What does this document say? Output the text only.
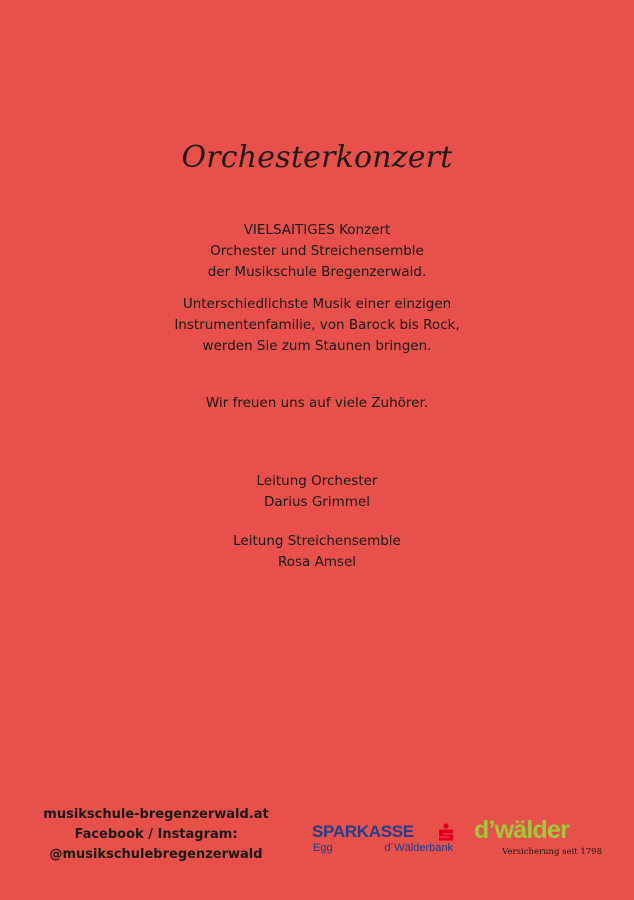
Orchesterkonzert
VIELSAITIGES Konzert
Orchester und Streichensemble
der Musikschule Bregenzerwald.
Unterschiedlichste Musik einer einzigen
Instrumentenfamilie, von Barock bis Rock,
werden Sie zum Staunen bringen.
Wir freuen uns auf viele Zuhörer.
Leitung Orchester
Darius Grimmel
Leitung Streichensemble
Rosa Amsel
musikschule-bregenzerwald.at
Facebook / Instagram:
@musikschulebregenzerwald
SPARKASSE
Egg	d´Wälderbank
d’wälder
Versicherung seit 1798
